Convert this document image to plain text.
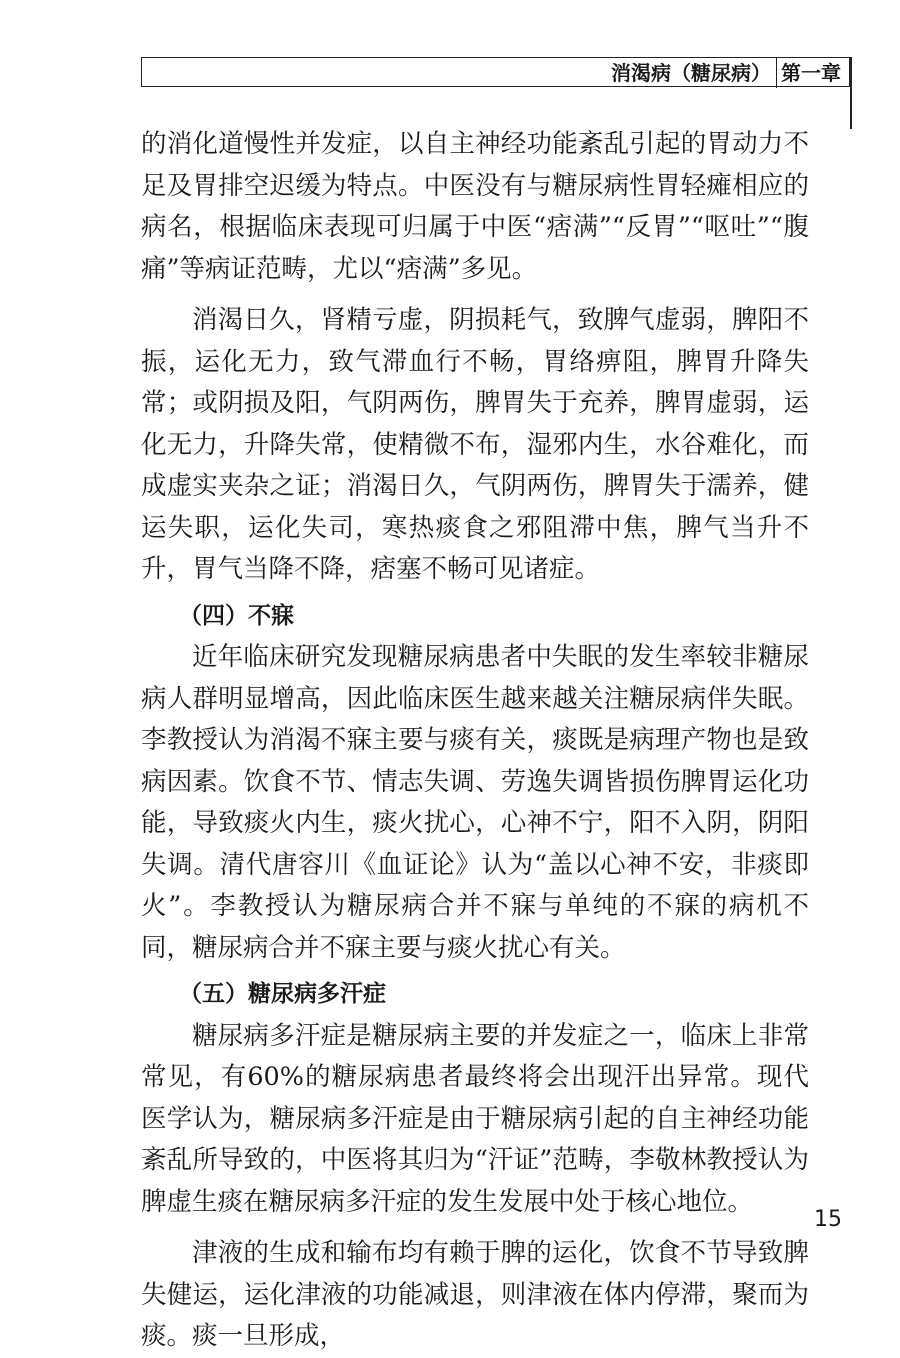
消渴病（糖尿病） 第一章

的消化道慢性并发症，以自主神经功能紊乱引起的胃动力不足及胃排空迟缓为特点。中医没有与糖尿病性胃轻瘫相应的病名，根据临床表现可归属于中医“痞满”“反胃”“呕吐”“腹痛”等病证范畴，尤以“痞满”多见。

消渴日久，肾精亏虚，阴损耗气，致脾气虚弱，脾阳不振，运化无力，致气滞血行不畅，胃络痹阻，脾胃升降失常；或阴损及阳，气阴两伤，脾胃失于充养，脾胃虚弱，运化无力，升降失常，使精微不布，湿邪内生，水谷难化，而成虚实夹杂之证；消渴日久，气阴两伤，脾胃失于濡养，健运失职，运化失司，寒热痰食之邪阻滞中焦，脾气当升不升，胃气当降不降，痞塞不畅可见诸症。

（四）不寐

近年临床研究发现糖尿病患者中失眠的发生率较非糖尿病人群明显增高，因此临床医生越来越关注糖尿病伴失眠。李教授认为消渴不寐主要与痰有关，痰既是病理产物也是致病因素。饮食不节、情志失调、劳逸失调皆损伤脾胃运化功能，导致痰火内生，痰火扰心，心神不宁，阳不入阴，阴阳失调。清代唐容川《血证论》认为“盖以心神不安，非痰即火”。李教授认为糖尿病合并不寐与单纯的不寐的病机不同，糖尿病合并不寐主要与痰火扰心有关。

（五）糖尿病多汗症

糖尿病多汗症是糖尿病主要的并发症之一，临床上非常常见，有60%的糖尿病患者最终将会出现汗出异常。现代医学认为，糖尿病多汗症是由于糖尿病引起的自主神经功能紊乱所导致的，中医将其归为“汗证”范畴，李敬林教授认为脾虚生痰在糖尿病多汗症的发生发展中处于核心地位。

津液的生成和输布均有赖于脾的运化，饮食不节导致脾失健运，运化津液的功能减退，则津液在体内停滞，聚而为痰。痰一旦形成，

15
